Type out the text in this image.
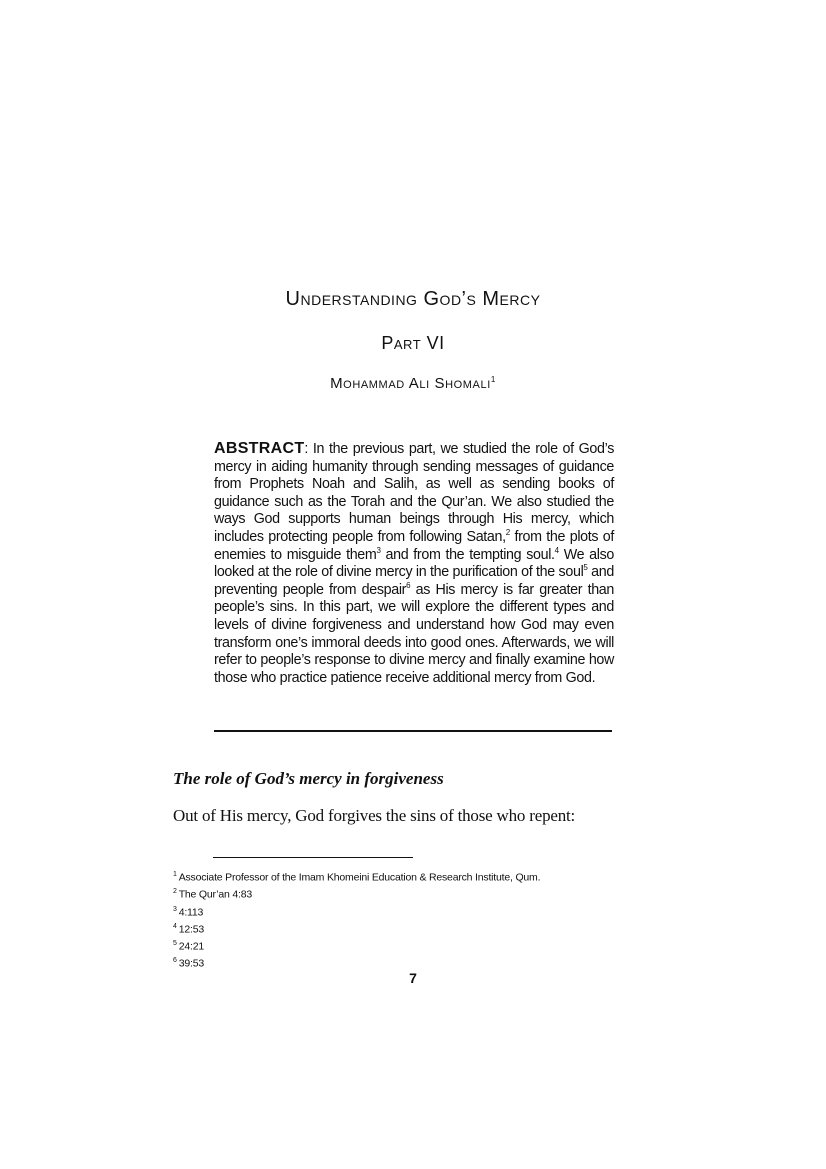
Understanding God’s Mercy
Part VI
Mohammad Ali Shomali$^1$
ABSTRACT: In the previous part, we studied the role of God’s mercy in aiding humanity through sending messages of guidance from Prophets Noah and Salih, as well as sending books of guidance such as the Torah and the Qur’an. We also studied the ways God supports human beings through His mercy, which includes protecting people from following Satan,$^2$ from the plots of enemies to misguide them$^3$ and from the tempting soul.$^4$ We also looked at the role of divine mercy in the purification of the soul$^5$ and preventing people from despair$^6$ as His mercy is far greater than people’s sins. In this part, we will explore the different types and levels of divine forgiveness and understand how God may even transform one’s immoral deeds into good ones. Afterwards, we will refer to people’s response to divine mercy and finally examine how those who practice patience receive additional mercy from God.
The role of God’s mercy in forgiveness
Out of His mercy, God forgives the sins of those who repent:
$^1$ Associate Professor of the Imam Khomeini Education & Research Institute, Qum.
$^2$ The Qur’an 4:83
$^3$ 4:113
$^4$ 12:53
$^5$ 24:21
$^6$ 39:53
7
